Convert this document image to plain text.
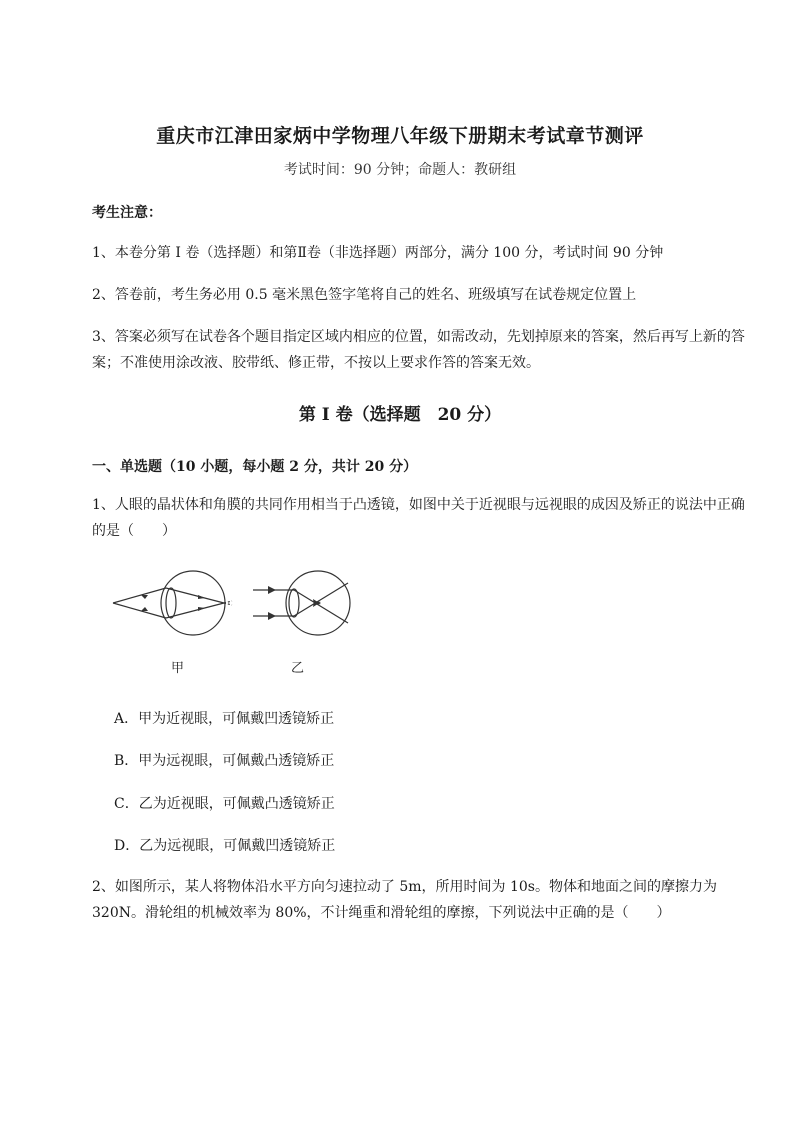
重庆市江津田家炳中学物理八年级下册期末考试章节测评
考试时间：90 分钟；命题人：教研组
考生注意：
1、本卷分第 I 卷（选择题）和第Ⅱ卷（非选择题）两部分，满分 100 分，考试时间 90 分钟
2、答卷前，考生务必用 0.5 毫米黑色签字笔将自己的姓名、班级填写在试卷规定位置上
3、答案必须写在试卷各个题目指定区域内相应的位置，如需改动，先划掉原来的答案，然后再写上新的答案；不准使用涂改液、胶带纸、修正带，不按以上要求作答的答案无效。
第 I 卷（选择题　20 分）
一、单选题（10 小题，每小题 2 分，共计 20 分）
1、人眼的晶状体和角膜的共同作用相当于凸透镜，如图中关于近视眼与远视眼的成因及矫正的说法中正确的是（　　）
甲	乙
A．甲为近视眼，可佩戴凹透镜矫正
B．甲为远视眼，可佩戴凸透镜矫正
C．乙为近视眼，可佩戴凸透镜矫正
D．乙为远视眼，可佩戴凹透镜矫正
2、如图所示，某人将物体沿水平方向匀速拉动了 5m，所用时间为 10s。物体和地面之间的摩擦力为 320N。滑轮组的机械效率为 80%，不计绳重和滑轮组的摩擦，下列说法中正确的是（　　）
